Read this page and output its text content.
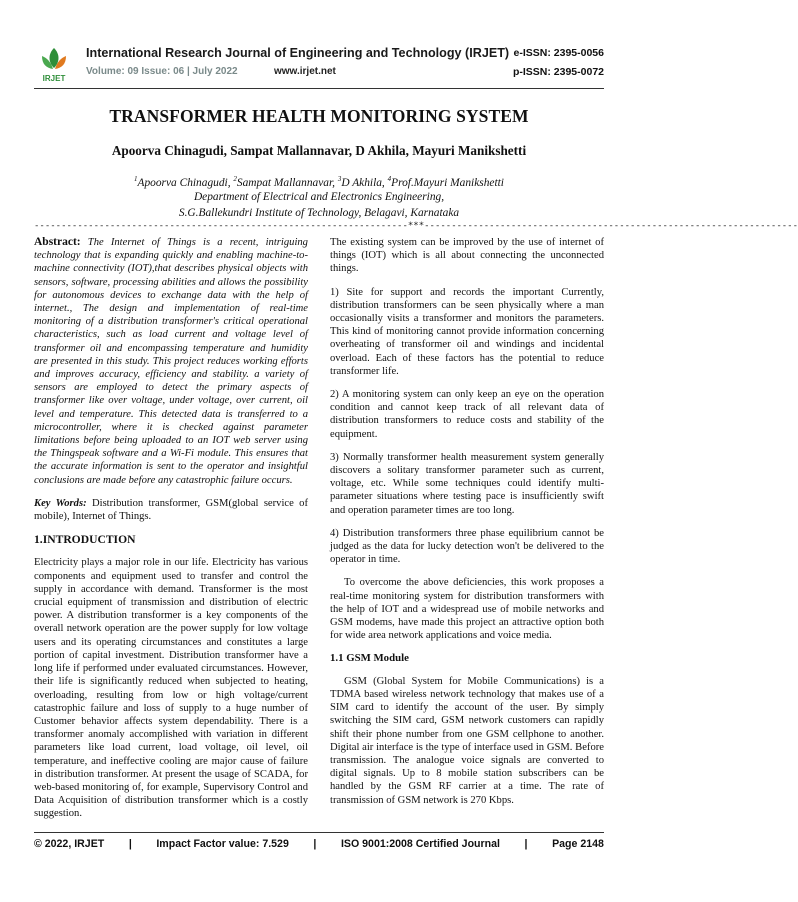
IRJET
International Research Journal of Engineering and Technology (IRJET) e-ISSN: 2395-0056
Volume: 09 Issue: 06 | July 2022	www.irjet.net	p-ISSN: 2395-0072
TRANSFORMER HEALTH MONITORING SYSTEM
Apoorva Chinagudi, Sampat Mallannavar, D Akhila, Mayuri Manikshetti
$^1$Apoorva Chinagudi, $^2$Sampat Mallannavar, $^3$D Akhila, $^4$Prof.Mayuri Manikshetti
Department of Electrical and Electronics Engineering,
S.G.Ballekundri Institute of Technology, Belagavi, Karnataka
---------------------------------------------------------------------***---------------------------------------------------------------------

Abstract: The Internet of Things is a recent, intriguing technology that is expanding quickly and enabling machine-to-machine connectivity (IOT),that describes physical objects with sensors, software, processing abilities and allows the possibility for autonomous devices to exchange data with the help of internet., The design and implementation of real-time monitoring of a distribution transformer's critical operational characteristics, such as load current and voltage level of transformer oil and encompassing temperature and humidity are presented in this study. This project reduces working efforts and improves accuracy, efficiency and stability. a variety of sensors are employed to detect the primary aspects of transformer like over voltage, under voltage, over current, oil level and temperature. This detected data is transferred to a microcontroller, where it is checked against parameter limitations before being uploaded to an IOT web server using the Thingspeak software and a Wi-Fi module. This ensures that the accurate information is sent to the operator and insightful conclusions are made before any catastrophic failure occurs.

Key Words: Distribution transformer, GSM(global service of mobile), Internet of Things.

1.INTRODUCTION

Electricity plays a major role in our life. Electricity has various components and equipment used to transfer and control the supply in accordance with demand. Transformer is the most crucial equipment of transmission and distribution of electric power. A distribution transformer is a key components of the overall network operation are the power supply for low voltage users and its operating circumstances and constitutes a large portion of capital investment. Distribution transformer have a long life if performed under evaluated circumstances. However, their life is significantly reduced when subjected to heating, overloading, resulting from low or high voltage/current catastrophic failure and loss of supply to a huge number of Customer behavior affects system dependability. There is a transformer anomaly accomplished with variation in different parameters like load current, load voltage, oil level, oil temperature, and ineffective cooling are major cause of failure in distribution transformer. At present the usage of SCADA, for web-based monitoring of, for example, Supervisory Control and Data Acquisition of distribution transformer which is a costly suggestion.

The existing system can be improved by the use of internet of things (IOT) which is all about connecting the unconnected things.

1) Site for support and records the important Currently, distribution transformers can be seen physically where a man occasionally visits a transformer and monitors the parameters. This kind of monitoring cannot provide information concerning overheating of transformer oil and windings and incidental overload. Each of these factors has the potential to reduce transformer life.

2) A monitoring system can only keep an eye on the operation condition and cannot keep track of all relevant data of distribution transformers to reduce costs and stability of the equipment.

3) Normally transformer health measurement system generally discovers a solitary transformer parameter such as current, voltage, etc. While some techniques could identify multi-parameter situations where testing pace is insufficiently swift and operation parameter times are too long.

4) Distribution transformers three phase equilibrium cannot be judged as the data for lucky detection won't be delivered to the operator in time.

To overcome the above deficiencies, this work proposes a real-time monitoring system for distribution transformers with the help of IOT and a widespread use of mobile networks and GSM modems, have made this project an attractive option both for wide area network applications and voice media.

1.1 GSM Module

GSM (Global System for Mobile Communications) is a TDMA based wireless network technology that makes use of a SIM card to identify the account of the user. By simply switching the SIM card, GSM network customers can rapidly shift their phone number from one GSM cellphone to another. Digital air interface is the type of interface used in GSM. Before transmission. The analogue voice signals are converted to digital signals. Up to 8 mobile station subscribers can be handled by the GSM RF carrier at a time. The rate of transmission of GSM network is 270 Kbps.

© 2022, IRJET | Impact Factor value: 7.529 | ISO 9001:2008 Certified Journal | Page 2148
